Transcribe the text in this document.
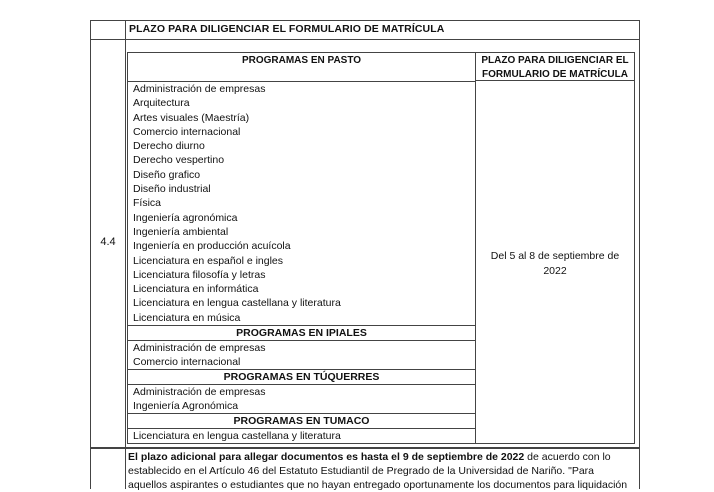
PLAZO PARA DILIGENCIAR EL FORMULARIO DE MATRÍCULA
4.4
PROGRAMAS EN PASTO	PLAZO PARA DILIGENCIAR EL
FORMULARIO DE MATRÍCULA
Del 5 al 8 de septiembre de
2022
Administración de empresas
Arquitectura
Artes visuales (Maestría)
Comercio internacional
Derecho diurno
Derecho vespertino
Diseño grafico
Diseño industrial
Física
Ingeniería agronómica
Ingeniería ambiental
Ingeniería en producción acuícola
Licenciatura en español e ingles
Licenciatura filosofía y letras
Licenciatura en informática
Licenciatura en lengua castellana y literatura
Licenciatura en música
PROGRAMAS EN IPIALES
Administración de empresas
Comercio internacional
PROGRAMAS EN TÚQUERRES
Administración de empresas
Ingeniería Agronómica
PROGRAMAS EN TUMACO
Licenciatura en lengua castellana y literatura
El plazo adicional para allegar documentos es hasta el 9 de septiembre de 2022 de acuerdo con lo
establecido en el Artículo 46 del Estatuto Estudiantil de Pregrado de la Universidad de Nariño. "Para
aquellos aspirantes o estudiantes que no hayan entregado oportunamente los documentos para liquidación
